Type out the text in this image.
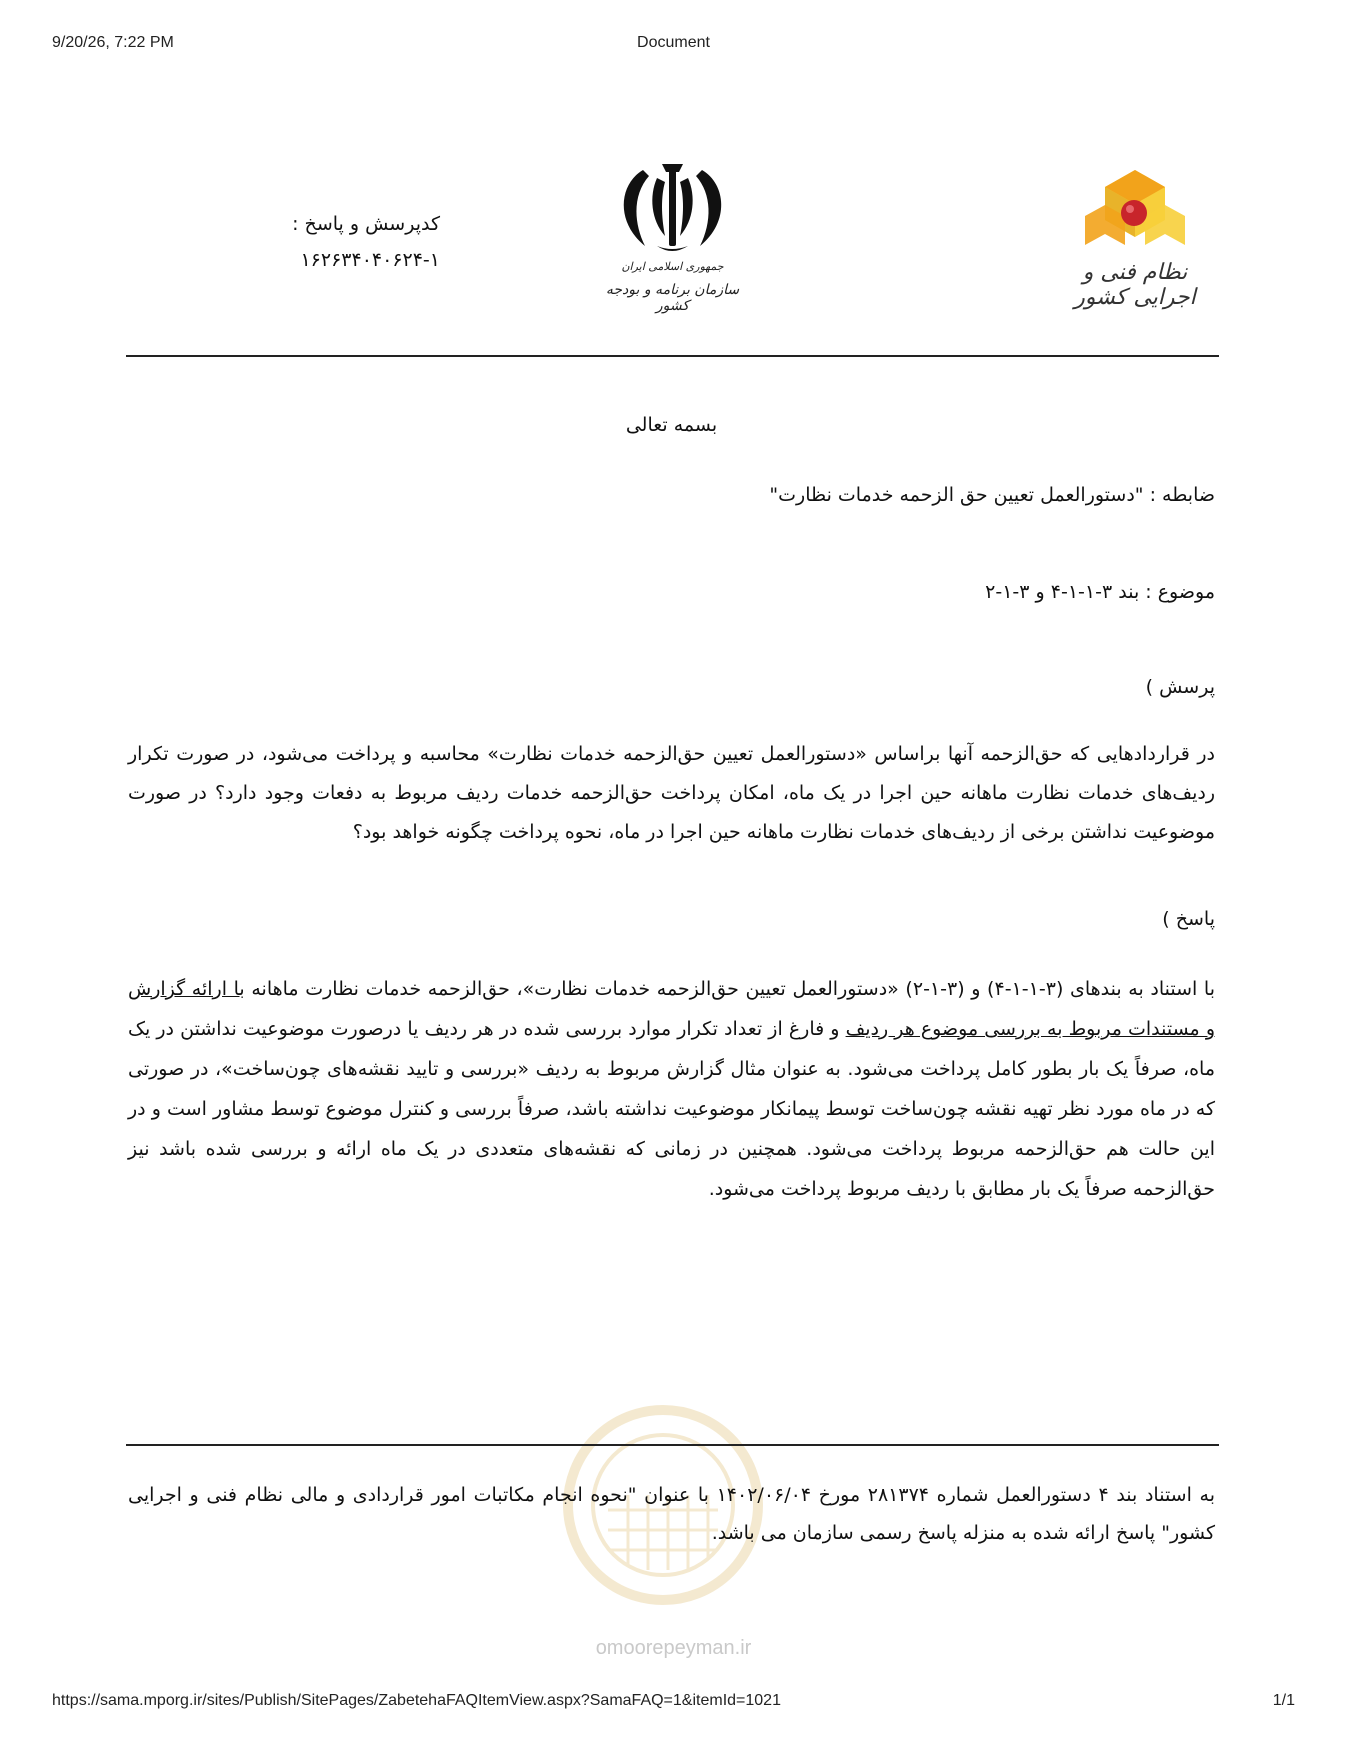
9/20/26, 7:22 PM	Document
کدپرسش و پاسخ :
۱۶۲۶۳۴۰۴۰۶۲۴-۱	جمهوری اسلامی ایران
سازمان برنامه و بودجه کشور
نظام فنی و اجرایی کشور
بسمه تعالی
ضابطه : "دستورالعمل تعیین حق الزحمه خدمات نظارت"
موضوع : بند ۳-۱-۱-۴ و ۳-۱-۲
پرسش )
در قراردادهایی که حق‌الزحمه آنها براساس «دستورالعمل تعیین حق‌الزحمه خدمات نظارت» محاسبه و پرداخت می‌شود، در صورت تکرار ردیف‌های خدمات نظارت ماهانه حین اجرا در یک ماه، امکان پرداخت حق‌الزحمه خدمات ردیف مربوط به دفعات وجود دارد؟ در صورت موضوعیت نداشتن برخی از ردیف‌های خدمات نظارت ماهانه حین اجرا در ماه، نحوه پرداخت چگونه خواهد بود؟
پاسخ )
با استناد به بندهای (۳-۱-۱-۴) و (۳-۱-۲) «دستورالعمل تعیین حق‌الزحمه خدمات نظارت»، حق‌الزحمه خدمات نظارت ماهانه با ارائه گزارش و مستندات مربوط به بررسی موضوع هر ردیف و فارغ از تعداد تکرار موارد بررسی شده در هر ردیف یا درصورت موضوعیت نداشتن در یک ماه، صرفاً یک بار بطور کامل پرداخت می‌شود. به عنوان مثال گزارش مربوط به ردیف «بررسی و تایید نقشه‌های چون‌ساخت»، در صورتی که در ماه مورد نظر تهیه نقشه چون‌ساخت توسط پیمانکار موضوعیت نداشته باشد، صرفاً بررسی و کنترل موضوع توسط مشاور است و در این حالت هم حق‌الزحمه مربوط پرداخت می‌شود. همچنین در زمانی که نقشه‌های متعددی در یک ماه ارائه و بررسی شده باشد نیز حق‌الزحمه صرفاً یک بار مطابق با ردیف مربوط پرداخت می‌شود.
omoorepeyman.ir
به استناد بند ۴ دستورالعمل شماره ۲۸۱۳۷۴ مورخ ۱۴۰۲/۰۶/۰۴ با عنوان "نحوه انجام مکاتبات امور قراردادی و مالی نظام فنی و اجرایی کشور" پاسخ ارائه شده به منزله پاسخ رسمی سازمان می باشد.
https://sama.mporg.ir/sites/Publish/SitePages/ZabetehaFAQItemView.aspx?SamaFAQ=1&itemId=1021	1/1
